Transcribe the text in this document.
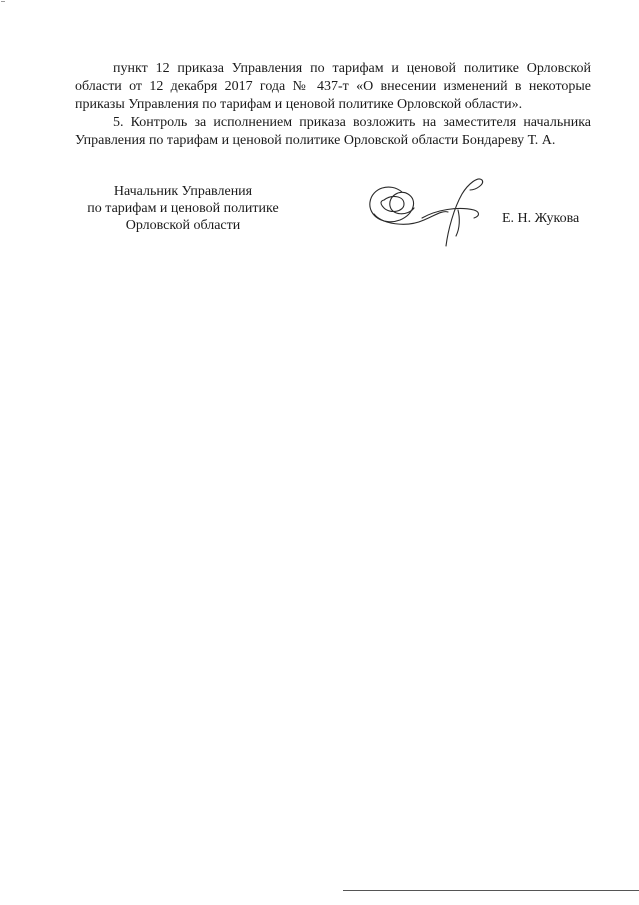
пункт 12 приказа Управления по тарифам и ценовой политике Орловской области от 12 декабря 2017 года № 437-т «О внесении изменений в некоторые приказы Управления по тарифам и ценовой политике Орловской области».

5. Контроль за исполнением приказа возложить на заместителя начальника Управления по тарифам и ценовой политике Орловской области Бондареву Т. А.

Начальник Управления
по тарифам и ценовой политике
Орловской области	Е. Н. Жукова
